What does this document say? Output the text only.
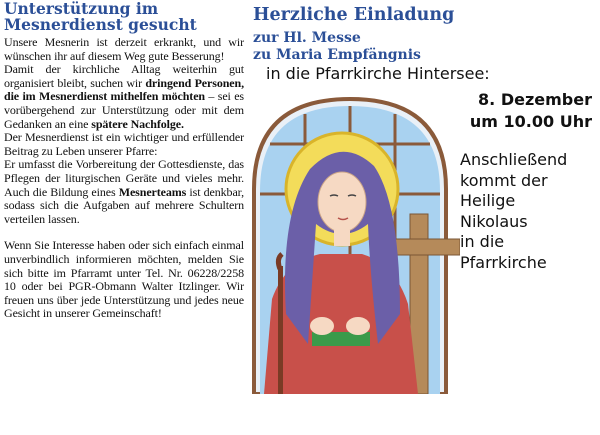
Unterstützung im Mesnerdienst gesucht

Unsere Mesnerin ist derzeit erkrankt, und wir wünschen ihr auf diesem Weg gute Besserung!

Damit der kirchliche Alltag weiterhin gut organisiert bleibt, suchen wir dringend Personen, die im Mesnerdienst mithelfen möchten – sei es vorübergehend zur Unterstützung oder mit dem Gedanken an eine spätere Nachfolge.

Der Mesnerdienst ist ein wichtiger und erfüllender Beitrag zu Leben unserer Pfarre:

Er umfasst die Vorbereitung der Gottesdienste, das Pflegen der liturgischen Geräte und vieles mehr. Auch die Bildung eines Mesnerteams ist denkbar, sodass sich die Aufgaben auf mehrere Schultern verteilen lassen.

Wenn Sie Interesse haben oder sich einfach einmal unverbindlich informieren möchten, melden Sie sich bitte im Pfarramt unter Tel. Nr. 06228/2258 10 oder bei PGR-Obmann Walter Itzlinger. Wir freuen uns über jede Unterstützung und jedes neue Gesicht in unserer Gemeinschaft!

Herzliche Einladung

zur Hl. Messe

zu Maria Empfängnis

in die Pfarrkirche Hintersee:

8. Dezember
um 10.00 Uhr
Anschließend
kommt der
Heilige
Nikolaus
in die
Pfarrkirche
